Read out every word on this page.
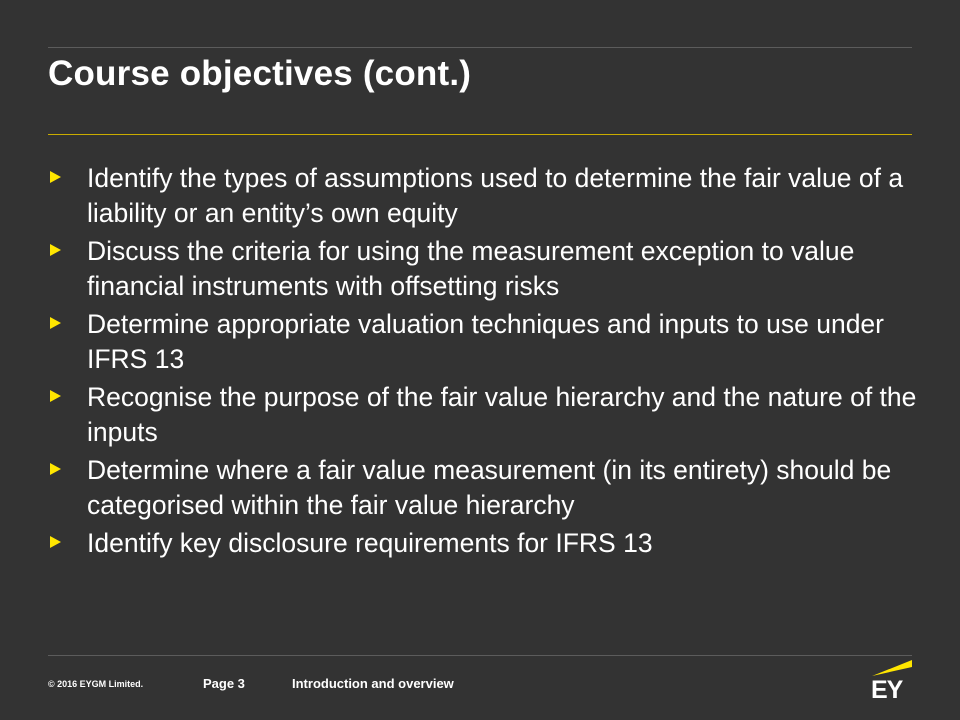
Course objectives (cont.)
Identify the types of assumptions used to determine the fair value of a liability or an entity’s own equity
Discuss the criteria for using the measurement exception to value financial instruments with offsetting risks
Determine appropriate valuation techniques and inputs to use under IFRS 13
Recognise the purpose of the fair value hierarchy and the nature of the inputs
Determine where a fair value measurement (in its entirety) should be categorised within the fair value hierarchy
Identify key disclosure requirements for IFRS 13
© 2016 EYGM Limited.	Page 3	Introduction and overview	EY
